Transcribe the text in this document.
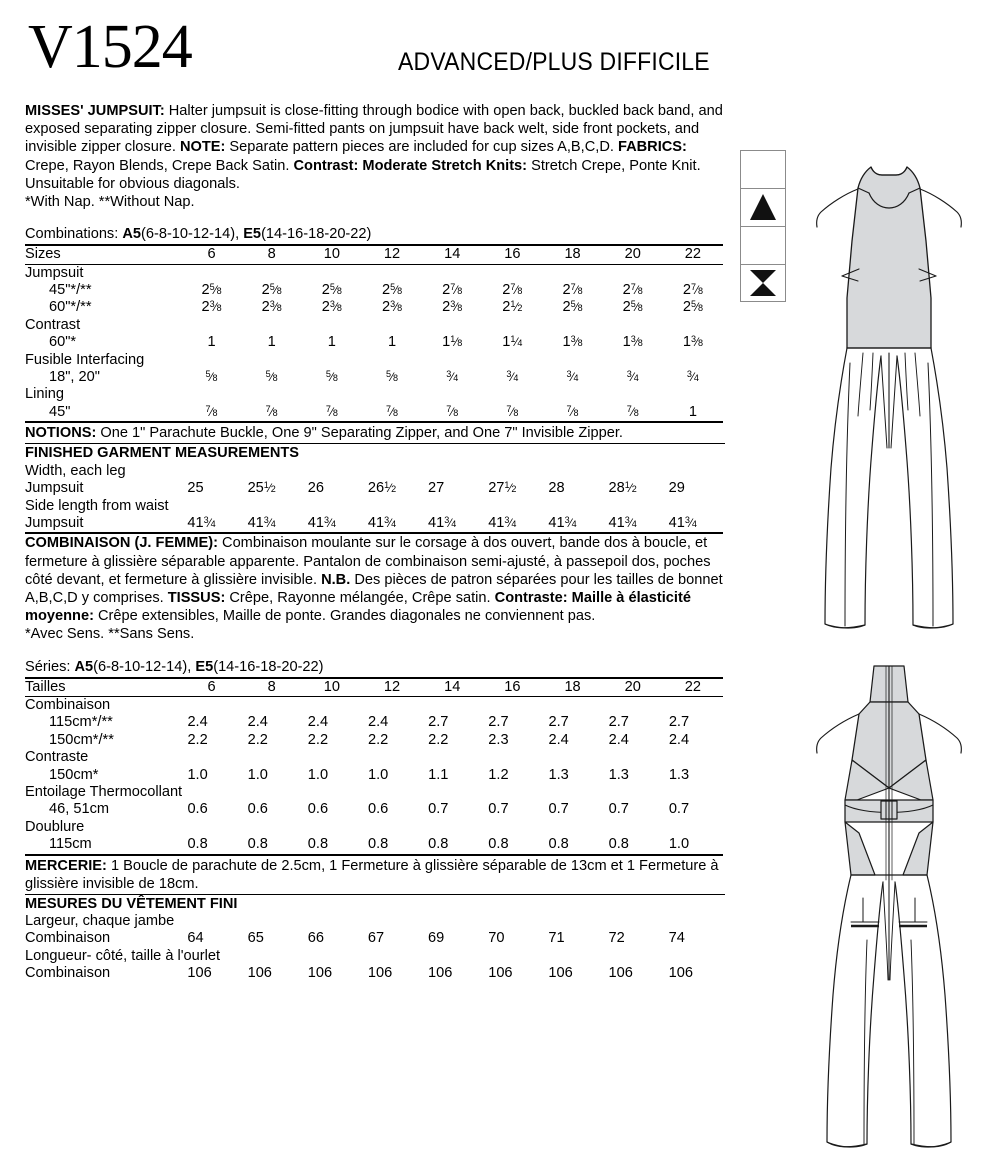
V1524	ADVANCED/PLUS DIFFICILE

MISSES' JUMPSUIT: Halter jumpsuit is close-fitting through bodice with open back, buckled back band, and exposed separating zipper closure. Semi-fitted pants on jumpsuit have back welt, side front pockets, and invisible zipper closure. NOTE: Separate pattern pieces are included for cup sizes A,B,C,D. FABRICS: Crepe, Rayon Blends, Crepe Back Satin. Contrast: Moderate Stretch Knits: Stretch Crepe, Ponte Knit. Unsuitable for obvious diagonals.

*With Nap. **Without Nap.

Combinations: A5(6-8-10-12-14), E5(14-16-18-20-22)

Sizes	6	8	10	12	14	16	18	20	22
Jumpsuit									
45"*/**	$2^5⁄_8$	$2^5⁄_8$	$2^5⁄_8$	$2^5⁄_8$	$2^7⁄_8$	$2^7⁄_8$	$2^7⁄_8$	$2^7⁄_8$	$2^7⁄_8$
60"*/**	$2^3⁄_8$	$2^3⁄_8$	$2^3⁄_8$	$2^3⁄_8$	$2^3⁄_8$	$2^1⁄_2$	$2^5⁄_8$	$2^5⁄_8$	$2^5⁄_8$
Contrast									
60"*	1	1	1	1	$1^1⁄_8$	$1^1⁄_4$	$1^3⁄_8$	$1^3⁄_8$	$1^3⁄_8$
Fusible Interfacing									
18", 20"	$^5⁄_8$	$^5⁄_8$	$^5⁄_8$	$^5⁄_8$	$^3⁄_4$	$^3⁄_4$	$^3⁄_4$	$^3⁄_4$	$^3⁄_4$
Lining									
45"	$^7⁄_8$	$^7⁄_8$	$^7⁄_8$	$^7⁄_8$	$^7⁄_8$	$^7⁄_8$	$^7⁄_8$	$^7⁄_8$	1

NOTIONS: One 1" Parachute Buckle, One 9" Separating Zipper, and One 7" Invisible Zipper.

FINISHED GARMENT MEASUREMENTS

Width, each leg									
Jumpsuit	25	$25^1⁄_2$	26	$26^1⁄_2$	27	$27^1⁄_2$	28	$28^1⁄_2$	29
Side length from waist									
Jumpsuit	$41^3⁄_4$	$41^3⁄_4$	$41^3⁄_4$	$41^3⁄_4$	$41^3⁄_4$	$41^3⁄_4$	$41^3⁄_4$	$41^3⁄_4$	$41^3⁄_4$

COMBINAISON (J. FEMME): Combinaison moulante sur le corsage à dos ouvert, bande dos à boucle, et fermeture à glissière séparable apparente. Pantalon de combinaison semi-ajusté, à passepoil dos, poches côté devant, et fermeture à glissière invisible. N.B. Des pièces de patron séparées pour les tailles de bonnet A,B,C,D y comprises. TISSUS: Crêpe, Rayonne mélangée, Crêpe satin. Contraste: Maille à élasticité moyenne: Crêpe extensibles, Maille de ponte. Grandes diagonales ne conviennent pas.

*Avec Sens. **Sans Sens.

Séries: A5(6-8-10-12-14), E5(14-16-18-20-22)

Tailles	6	8	10	12	14	16	18	20	22
Combinaison									
115cm*/**	2.4	2.4	2.4	2.4	2.7	2.7	2.7	2.7	2.7
150cm*/**	2.2	2.2	2.2	2.2	2.2	2.3	2.4	2.4	2.4
Contraste									
150cm*	1.0	1.0	1.0	1.0	1.1	1.2	1.3	1.3	1.3
Entoilage Thermocollant									
46, 51cm	0.6	0.6	0.6	0.6	0.7	0.7	0.7	0.7	0.7
Doublure									
115cm	0.8	0.8	0.8	0.8	0.8	0.8	0.8	0.8	1.0

MERCERIE: 1 Boucle de parachute de 2.5cm, 1 Fermeture à glissière séparable de 13cm et 1 Fermeture à glissière invisible de 18cm.

MESURES DU VÊTEMENT FINI

Largeur, chaque jambe									
Combinaison	64	65	66	67	69	70	71	72	74
Longueur- côté, taille à l'ourlet									
Combinaison	106	106	106	106	106	106	106	106	106
